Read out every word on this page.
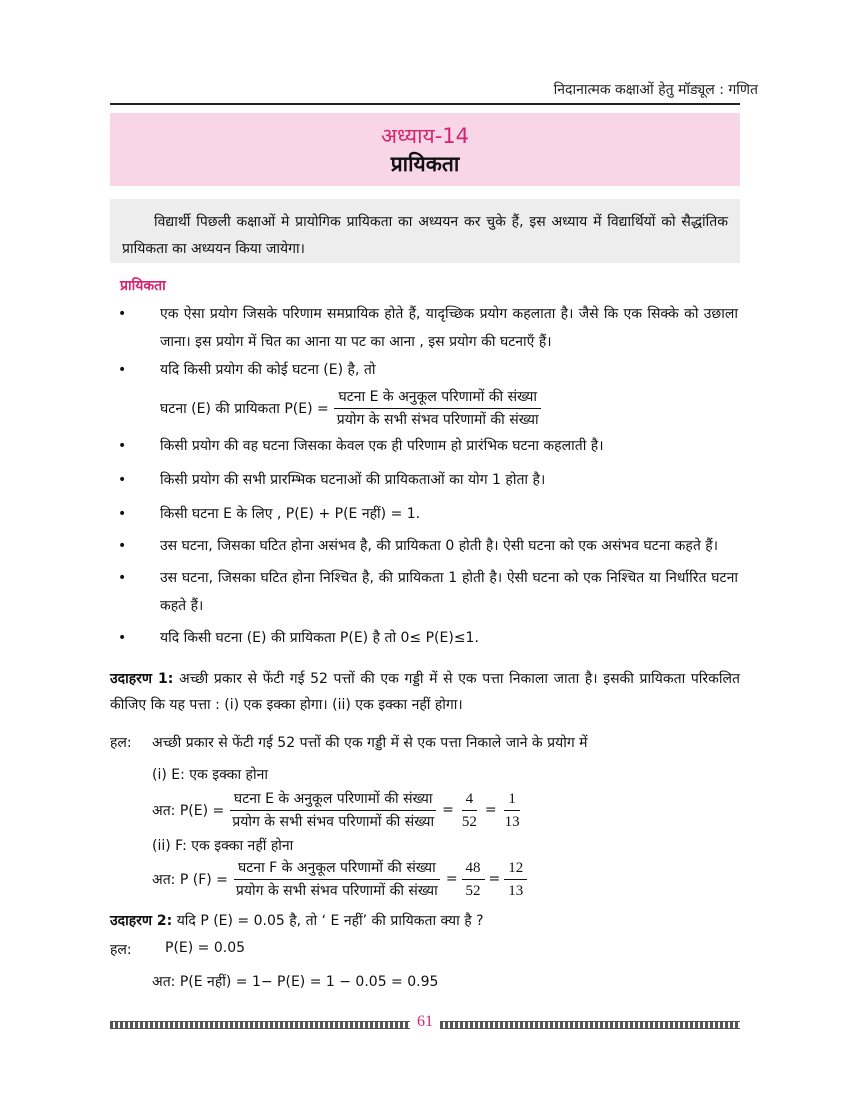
निदानात्मक कक्षाओं हेतु मॉड्यूल : गणित
अध्याय-14
प्रायिकता
विद्यार्थी पिछली कक्षाओं मे प्रायोगिक प्रायिकता का अध्ययन कर चुके हैं, इस अध्याय में विद्यार्थियों को सैद्धांतिक प्रायिकता का अध्ययन किया जायेगा।
प्रायिकता
• एक ऐसा प्रयोग जिसके परिणाम समप्रायिक होते हैं, यादृच्छिक प्रयोग कहलाता है। जैसे कि एक सिक्के को उछाला जाना। इस प्रयोग में चित का आना या पट का आना , इस प्रयोग की घटनाएँ हैं।
• यदि किसी प्रयोग की कोई घटना (E) है, तो
घटना (E) की प्रायिकता $P(E) = \frac{\text{घटना E के अनुकूल परिणामों की संख्या}}{\text{प्रयोग के सभी संभव परिणामों की संख्या}}$
• किसी प्रयोग की वह घटना जिसका केवल एक ही परिणाम हो प्रारंभिक घटना कहलाती है।
• किसी प्रयोग की सभी प्रारम्भिक घटनाओं की प्रायिकताओं का योग 1 होता है।
• किसी घटना E के लिए , P(E) + P(E नहीं) = 1.
• उस घटना, जिसका घटित होना असंभव है, की प्रायिकता 0 होती है। ऐसी घटना को एक असंभव घटना कहते हैं।
• उस घटना, जिसका घटित होना निश्चित है, की प्रायिकता 1 होती है। ऐसी घटना को एक निश्चित या निर्धारित घटना कहते हैं।
• यदि किसी घटना (E) की प्रायिकता P(E) है तो 0≤ P(E)≤1.
उदाहरण 1: अच्छी प्रकार से फेंटी गई 52 पत्तों की एक गड्डी में से एक पत्ता निकाला जाता है। इसकी प्रायिकता परिकलित कीजिए कि यह पत्ता : (i) एक इक्का होगा। (ii) एक इक्का नहीं होगा।
हल: अच्छी प्रकार से फेंटी गई 52 पत्तों की एक गड्डी में से एक पत्ता निकाले जाने के प्रयोग में
(i) E: एक इक्का होना
अत: $P(E) = \frac{\text{घटना E के अनुकूल परिणामों की संख्या}}{\text{प्रयोग के सभी संभव परिणामों की संख्या}} = \frac{4}{52} = \frac{1}{13}$
(ii) F: एक इक्का नहीं होना
अत: P $(F) = \frac{\text{घटना F के अनुकूल परिणामों की संख्या}}{\text{प्रयोग के सभी संभव परिणामों की संख्या}} = \frac{48}{52} = \frac{12}{13}$
उदाहरण 2: यदि P (E) = 0.05 है, तो ‘ E नहीं’ की प्रायिकता क्या है ?
हल: P(E) = 0.05
अत: P(E नहीं) = 1− P(E) = 1 − 0.05 = 0.95
61
